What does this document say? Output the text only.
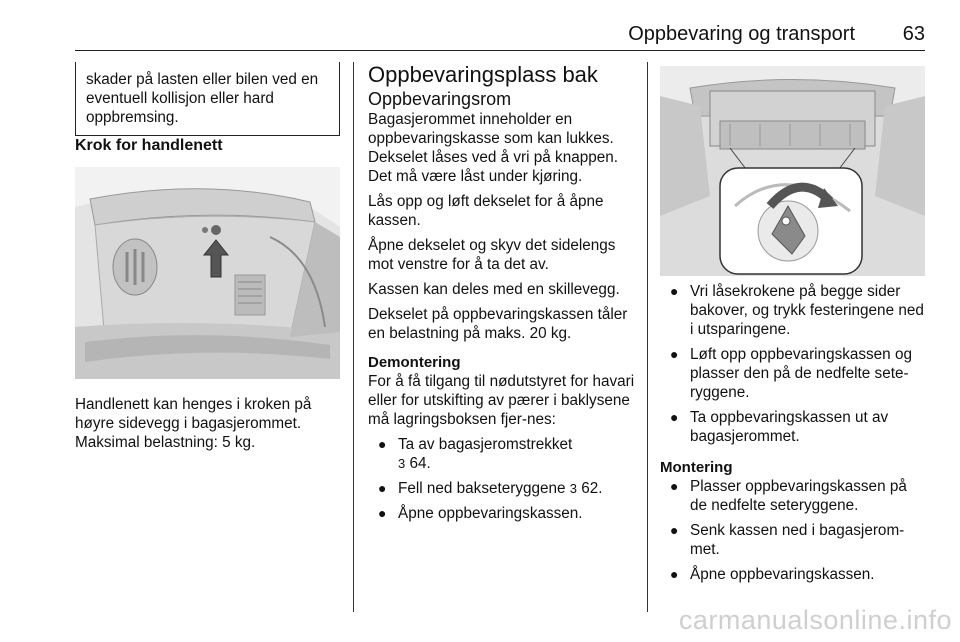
Oppbevaring og transport 63

skader på lasten eller bilen ved en eventuell kollisjon eller hard oppbremsing.

Krok for handlenett

Handlenett kan henges i kroken på høyre sidevegg i bagasjerommet. Maksimal belastning: 5 kg.

Oppbevaringsplass bak

Oppbevaringsrom

Bagasjerommet inneholder en oppbevaringskasse som kan lukkes. Dekselet låses ved å vri på knappen. Det må være låst under kjøring.

Lås opp og løft dekselet for å åpne kassen.

Åpne dekselet og skyv det sidelengs mot venstre for å ta det av.

Kassen kan deles med en skillevegg.

Dekselet på oppbevaringskassen tåler en belastning på maks. 20 kg.

Demontering

For å få tilgang til nødutstyret for havari eller for utskifting av pærer i baklysene må lagringsboksen fjer-nes:

● Ta av bagasjeromstrekket
3 64.
● Fell ned bakseteryggene 3 62.
● Åpne oppbevaringskassen.
● Vri låsekrokene på begge sider bakover, og trykk festeringene ned i utsparingene.
● Løft opp oppbevaringskassen og plasser den på de nedfelte sete-ryggene.
● Ta oppbevaringskassen ut av bagasjerommet.

Montering

● Plasser oppbevaringskassen på de nedfelte seteryggene.
● Senk kassen ned i bagasjerom-met.
● Åpne oppbevaringskassen.
carmanualsonline.info
